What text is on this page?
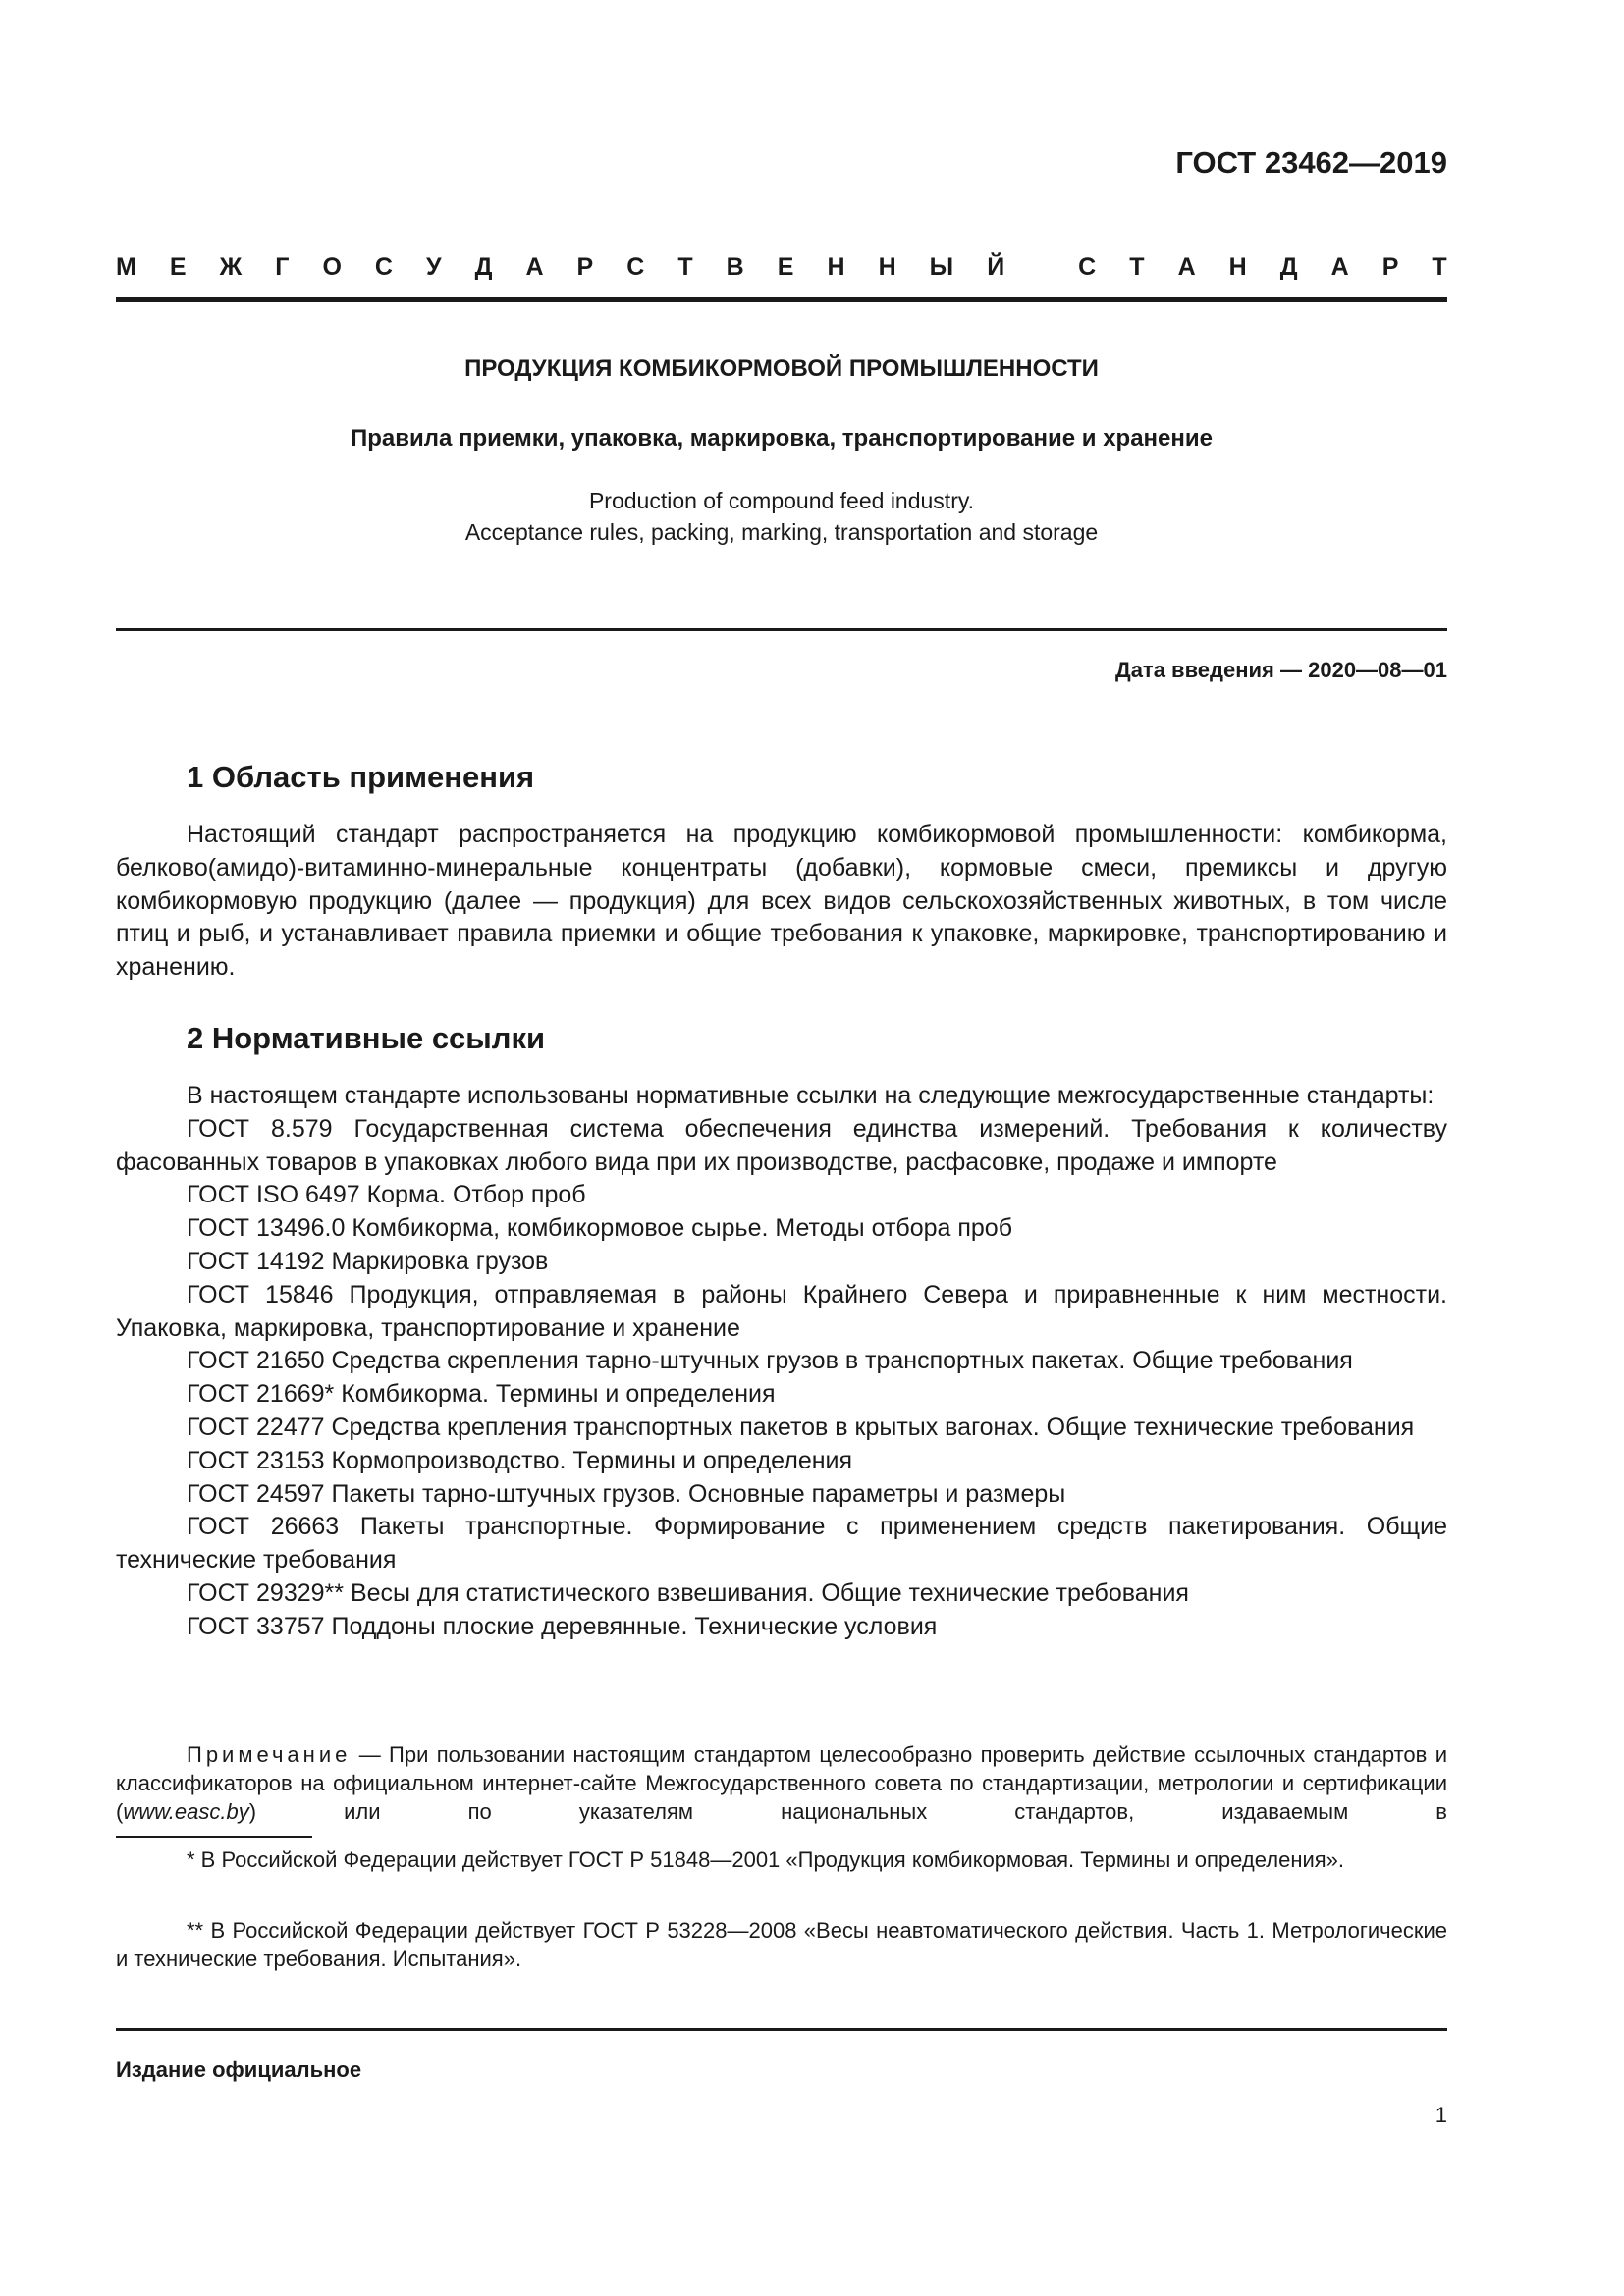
ГОСТ 23462—2019
М Е Ж Г О С У Д А Р С Т В Е Н Н Ы Й
	С Т А Н Д А Р Т
ПРОДУКЦИЯ КОМБИКОРМОВОЙ ПРОМЫШЛЕННОСТИ
Правила приемки, упаковка, маркировка, транспортирование и хранение
Production of compound feed industry.
Acceptance rules, packing, marking, transportation and storage
Дата введения — 2020—08—01
1 Область применения

Настоящий стандарт распространяется на продукцию комбикормовой промышленности: комбикорма, белково(амидо)-витаминно-минеральные концентраты (добавки), кормовые смеси, премиксы и другую комбикормовую продукцию (далее — продукция) для всех видов сельскохозяйственных животных, в том числе птиц и рыб, и устанавливает правила приемки и общие требования к упаковке, маркировке, транспортированию и хранению.

2 Нормативные ссылки

В настоящем стандарте использованы нормативные ссылки на следующие межгосударственные стандарты:

ГОСТ 8.579 Государственная система обеспечения единства измерений. Требования к количеству фасованных товаров в упаковках любого вида при их производстве, расфасовке, продаже и импорте

ГОСТ ISO 6497 Корма. Отбор проб

ГОСТ 13496.0 Комбикорма, комбикормовое сырье. Методы отбора проб

ГОСТ 14192 Маркировка грузов

ГОСТ 15846 Продукция, отправляемая в районы Крайнего Севера и приравненные к ним местности. Упаковка, маркировка, транспортирование и хранение

ГОСТ 21650 Средства скрепления тарно-штучных грузов в транспортных пакетах. Общие требования

ГОСТ 21669* Комбикорма. Термины и определения

ГОСТ 22477 Средства крепления транспортных пакетов в крытых вагонах. Общие технические требования

ГОСТ 23153 Кормопроизводство. Термины и определения

ГОСТ 24597 Пакеты тарно-штучных грузов. Основные параметры и размеры

ГОСТ 26663 Пакеты транспортные. Формирование с применением средств пакетирования. Общие технические требования

ГОСТ 29329** Весы для статистического взвешивания. Общие технические требования

ГОСТ 33757 Поддоны плоские деревянные. Технические условия

Примечание — При пользовании настоящим стандартом целесообразно проверить действие ссылочных стандартов и классификаторов на официальном интернет-сайте Межгосударственного совета по стандартизации, метрологии и сертификации (www.easc.by) или по указателям национальных стандартов, издаваемым в

* В Российской Федерации действует ГОСТ Р 51848—2001 «Продукция комбикормовая. Термины и определения».

** В Российской Федерации действует ГОСТ Р 53228—2008 «Весы неавтоматического действия. Часть 1. Метрологические и технические требования. Испытания».

Издание официальное
1
